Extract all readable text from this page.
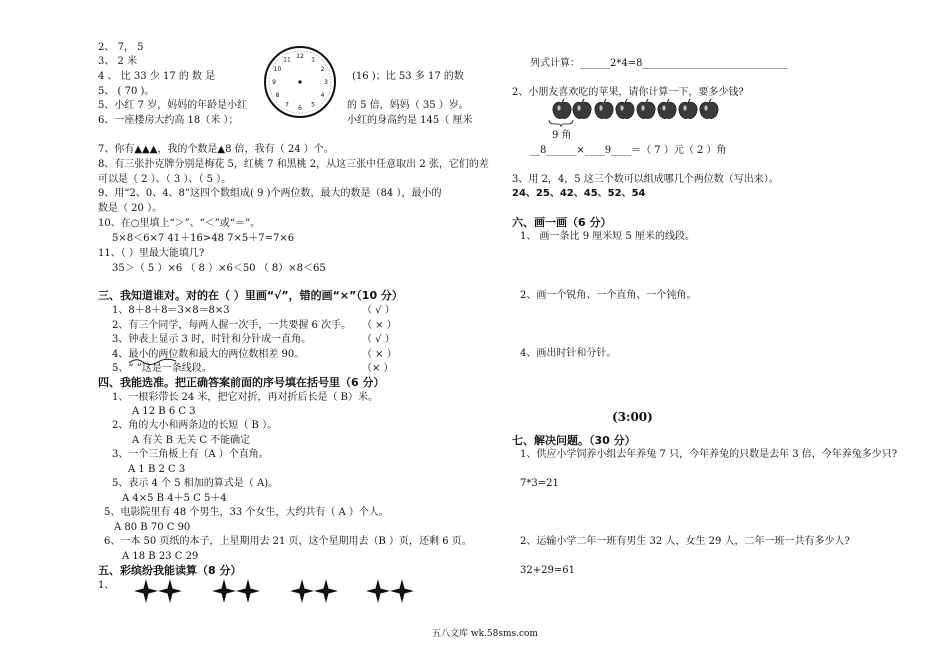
2、 7， 5
3、 2 米
4 、 比 33 少 17 的 数 是
5、 ( 70 )。
5、小红 7 岁，妈妈的年龄是小红
6、一座楼房大约高 18（米 ）；
(16 )；比 53 多 17 的数
的 5 倍，妈妈（ 35 ）岁。
小红的身高约是 145（ 厘米
12 1
2
3
4
5
6
7
8
9
10
11
7、你有▲▲▲，我的个数是▲8 倍，我有（ 24 ）个。
8、有三张扑克牌分别是梅花 5，红桃 7 和黑桃 2，从这三张中任意取出 2 张，它们的差
可以是（ 2 ）、（ 3 ）、（ 5 ）。
9、用“2、0、4、8”这四个数组成( 9 )个两位数，最大的数是（84 ），最小的
数是（ 20 ）。
10、在○里填上“＞”、“＜”或“＝”。
5×8＜6×7 41＋16>48 7×5＋7=7×6
11、（ ）里最大能填几?
35＞（ 5 ）×6 （ 8 ）×6＜50 （ 8）×8＜65
三、我知道谁对。对的在（ ）里画“√”，错的画“×”（10 分）
1、8＋8＋8＝3×8＝8×3
2、有三个同学，每两人握一次手，一共要握 6 次手。
3、钟表上显示 3 时，时针和分针成一直角。
4、最小的两位数和最大的两位数相差 90。
5、“ ”这是一条线段。
（ √ ）
（ × ）
（ √ ）
（ × ）
（× ）
四、我能选准。把正确答案前面的序号填在括号里（6 分）
1、一根彩带长 24 米，把它对折，再对折后长是（ B）米。
A 12 B 6 C 3
2、角的大小和两条边的长短（ B ）。
A 有关 B 无关 C 不能确定
3、一个三角板上有（A ）个直角。
A 1 B 2 C 3
5、表示 4 个 5 相加的算式是（ A)。
A 4×5 B 4＋5 C 5＋4
5、电影院里有 48 个男生，33 个女生，大约共有（ A ）个人。
A 80 B 70 C 90
6、一本 50 页纸的本子，上星期用去 21 页，这个星期用去（B ）页，还剩 6 页。
A 18 B 23 C 29
五、彩缤纷我能读算（8 分）
1、
列式计算：______2*4=8_____________________________
2、小朋友喜欢吃的苹果，请你计算一下，要多少钱?
9 角
__8______×____9____＝（ 7 ）元（ 2 ）角
3、用 2，4，5 这三个数可以组成哪几个两位数（写出来）。
24、25、42、45、52、54
六、画一画（6 分）
1、 画一条比 9 厘米短 5 厘米的线段。
2、画一个锐角、一个直角、一个钝角。
4、画出时针和分针。
(3:00)
七、解决问题。（30 分）
1、供应小学饲养小组去年养兔 7 只，今年养兔的只数是去年 3 倍，今年养兔多少只?
7*3=21
2、运输小学二年一班有男生 32 人，女生 29 人，二年一班一共有多少人?
32+29=61
五八文库 wk.58sms.com
